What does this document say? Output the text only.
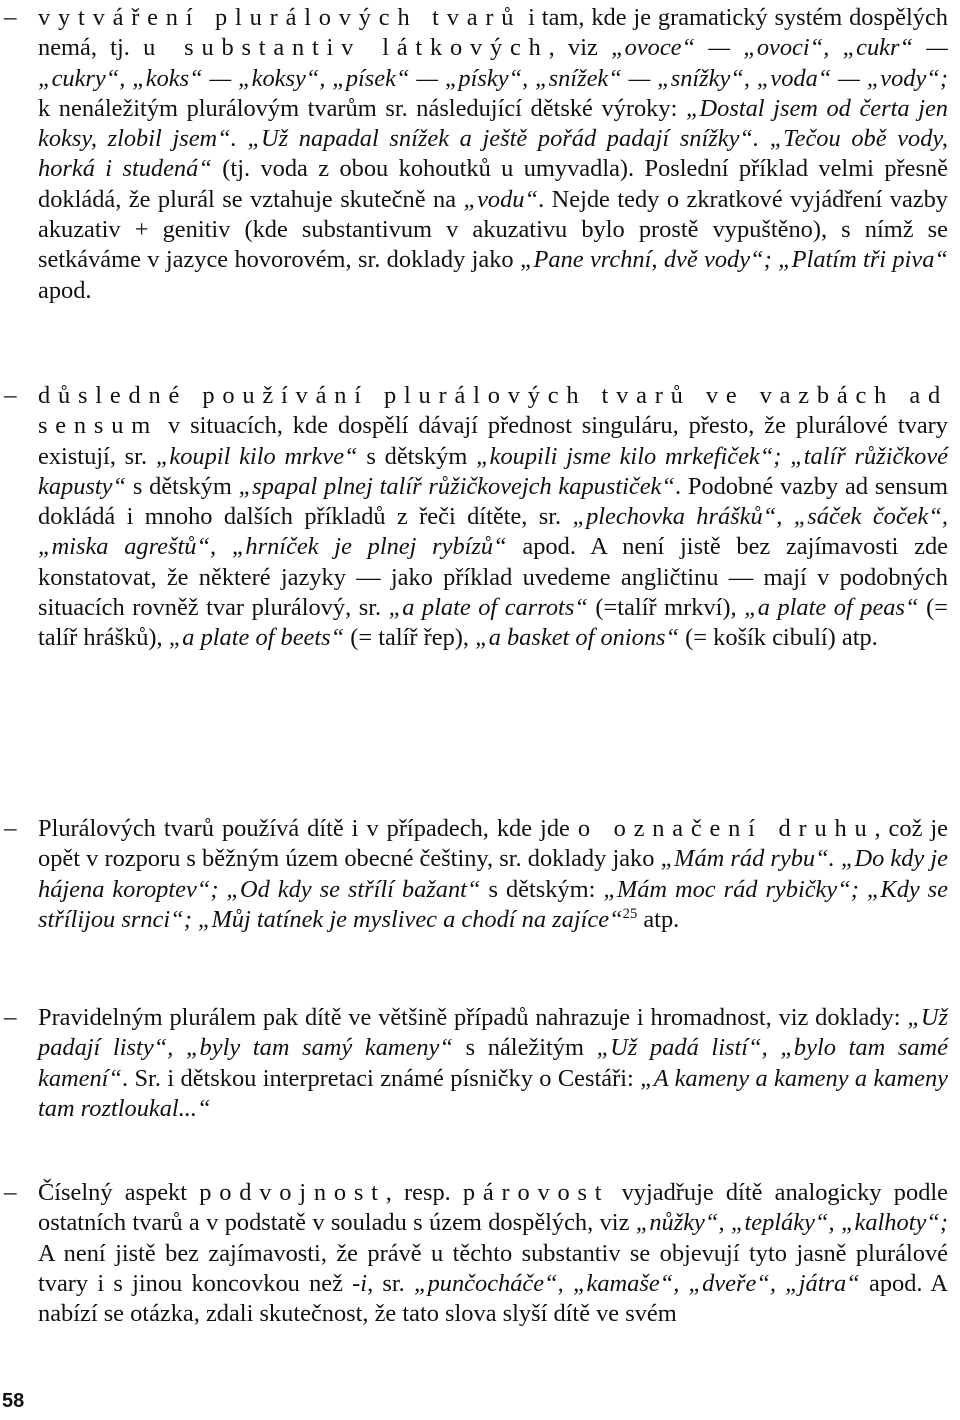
– vytváření plurálových tvarů i tam, kde je gramatický systém dospělých nemá, tj. u substantiv látkových, viz „ovoce“ — „ovoci“, „cukr“ — „cukry“, „koks“ — „koksy“, „písek“ — „písky“, „snížek“ — „snížky“, „voda“ — „vody“; k nenáležitým plurálovým tvarům sr. následující dětské výroky: „Dostal jsem od čerta jen koksy, zlobil jsem“. „Už napadal snížek a ještě pořád padají snížky“. „Tečou obě vody, horká i studená“ (tj. voda z obou kohoutků u umyvadla). Poslední příklad velmi přesně dokládá, že plurál se vztahuje skutečně na „vodu“. Nejde tedy o zkratkové vyjádření vazby akuzativ + genitiv (kde substantivum v akuzativu bylo prostě vypuštěno), s nímž se setkáváme v jazyce hovorovém, sr. doklady jako „Pane vrchní, dvě vody“; „Platím tři piva“ apod.

– důsledné používání plurálových tvarů ve vazbách ad sensum v situacích, kde dospělí dávají přednost singuláru, přesto, že plurálové tvary existují, sr. „koupil kilo mrkve“ s dětským „koupili jsme kilo mrkefiček“; „talíř růžičkové kapusty“ s dětským „spapal plnej talíř růžičkovejch kapustiček“. Podobné vazby ad sensum dokládá i mnoho dalších příkladů z řeči dítěte, sr. „plechovka hrášků“, „sáček čoček“, „miska agreštů“, „hrníček je plnej rybízů“ apod. A není jistě bez zajímavosti zde konstatovat, že některé jazyky — jako příklad uvedeme angličtinu — mají v podobných situacích rovněž tvar plurálový, sr. „a plate of carrots“ (=talíř mrkví), „a plate of peas“ (= talíř hrášků), „a plate of beets“ (= talíř řep), „a basket of onions“ (= košík cibulí) atp.

– Plurálových tvarů používá dítě i v případech, kde jde o označení druhu, což je opět v rozporu s běžným územ obecné češtiny, sr. doklady jako „Mám rád rybu“. „Do kdy je hájena koroptev“; „Od kdy se střílí bažant“ s dětským: „Mám moc rád rybičky“; „Kdy se střílijou srnci“; „Můj tatínek je myslivec a chodí na zajíce“$^{25}$ atp.

– Pravidelným plurálem pak dítě ve většině případů nahrazuje i hromadnost, viz doklady: „Už padají listy“, „byly tam samý kameny“ s náležitým „Už padá listí“, „bylo tam samé kamení“. Sr. i dětskou interpretaci známé písničky o Cestáři: „A kameny a kameny a kameny tam roztloukal...“

– Číselný aspekt podvojnost, resp. párovost vyjadřuje dítě analogicky podle ostatních tvarů a v podstatě v souladu s územ dospělých, viz „nůžky“, „tepláky“, „kalhoty“; A není jistě bez zajímavosti, že právě u těchto substantiv se objevují tyto jasně plurálové tvary i s jinou koncovkou než -i, sr. „punčocháče“, „kamaše“, „dveře“, „játra“ apod. A nabízí se otázka, zdali skutečnost, že tato slova slyší dítě ve svém

58
